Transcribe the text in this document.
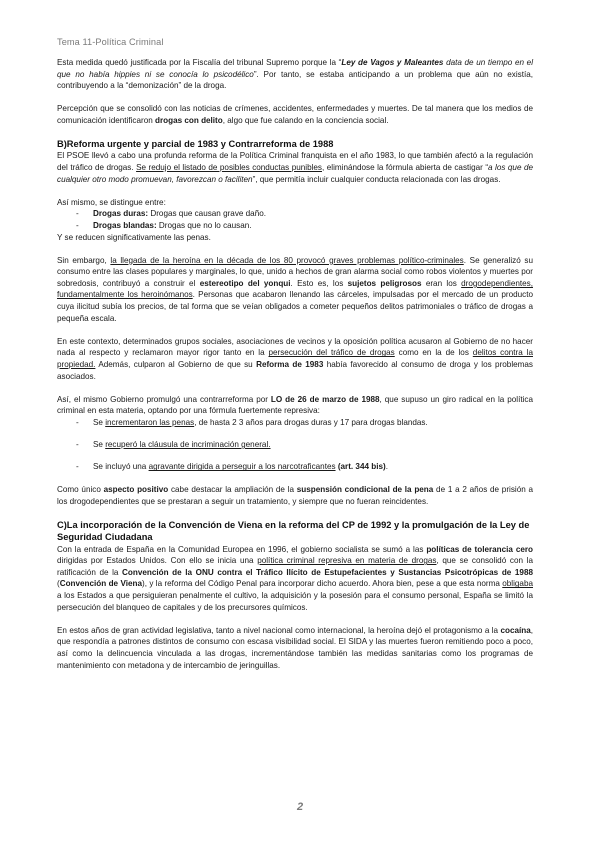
Tema 11-Política Criminal

Esta medida quedó justificada por la Fiscalía del tribunal Supremo porque la “Ley de Vagos y Maleantes data de un tiempo en el que no había hippies ni se conocía lo psicodélico”. Por tanto, se estaba anticipando a un problema que aún no existía, contribuyendo a la “demonización” de la droga.

Percepción que se consolidó con las noticias de crímenes, accidentes, enfermedades y muertes. De tal manera que los medios de comunicación identificaron drogas con delito, algo que fue calando en la conciencia social.

B)Reforma urgente y parcial de 1983 y Contrarreforma de 1988

El PSOE llevó a cabo una profunda reforma de la Política Criminal franquista en el año 1983, lo que también afectó a la regulación del tráfico de drogas. Se redujo el listado de posibles conductas punibles, eliminándose la fórmula abierta de castigar “a los que de cualquier otro modo promuevan, favorezcan o faciliten”, que permitía incluir cualquier conducta relacionada con las drogas.

Así mismo, se distingue entre:

- Drogas duras: Drogas que causan grave daño.
- Drogas blandas: Drogas que no lo causan.

Y se reducen significativamente las penas.

Sin embargo, la llegada de la heroína en la década de los 80 provocó graves problemas político-criminales. Se generalizó su consumo entre las clases populares y marginales, lo que, unido a hechos de gran alarma social como robos violentos y muertes por sobredosis, contribuyó a construir el estereotipo del yonqui. Esto es, los sujetos peligrosos eran los drogodependientes, fundamentalmente los heroinómanos. Personas que acabaron llenando las cárceles, impulsadas por el mercado de un producto cuya ilicitud subía los precios, de tal forma que se veían obligados a cometer pequeños delitos patrimoniales o tráfico de drogas a pequeña escala.

En este contexto, determinados grupos sociales, asociaciones de vecinos y la oposición política acusaron al Gobierno de no hacer nada al respecto y reclamaron mayor rigor tanto en la persecución del tráfico de drogas como en la de los delitos contra la propiedad. Además, culparon al Gobierno de que su Reforma de 1983 había favorecido al consumo de droga y los problemas asociados.

Así, el mismo Gobierno promulgó una contrarreforma por LO de 26 de marzo de 1988, que supuso un giro radical en la política criminal en esta materia, optando por una fórmula fuertemente represiva:

- Se incrementaron las penas, de hasta 2 3 años para drogas duras y 17 para drogas blandas.
- Se recuperó la cláusula de incriminación general.
- Se incluyó una agravante dirigida a perseguir a los narcotraficantes (art. 344 bis).

Como único aspecto positivo cabe destacar la ampliación de la suspensión condicional de la pena de 1 a 2 años de prisión a los drogodependientes que se prestaran a seguir un tratamiento, y siempre que no fueran reincidentes.

C)La incorporación de la Convención de Viena en la reforma del CP de 1992 y la promulgación de la Ley de Seguridad Ciudadana

Con la entrada de España en la Comunidad Europea en 1996, el gobierno socialista se sumó a las políticas de tolerancia cero dirigidas por Estados Unidos. Con ello se inicia una política criminal represiva en materia de drogas, que se consolidó con la ratificación de la Convención de la ONU contra el Tráfico Ilícito de Estupefacientes y Sustancias Psicotrópicas de 1988 (Convención de Viena), y la reforma del Código Penal para incorporar dicho acuerdo. Ahora bien, pese a que esta norma obligaba a los Estados a que persiguieran penalmente el cultivo, la adquisición y la posesión para el consumo personal, España se limitó la persecución del blanqueo de capitales y de los precursores químicos.

En estos años de gran actividad legislativa, tanto a nivel nacional como internacional, la heroína dejó el protagonismo a la cocaína, que respondía a patrones distintos de consumo con escasa visibilidad social. El SIDA y las muertes fueron remitiendo poco a poco, así como la delincuencia vinculada a las drogas, incrementándose también las medidas sanitarias como los programas de mantenimiento con metadona y de intercambio de jeringuillas.

2
